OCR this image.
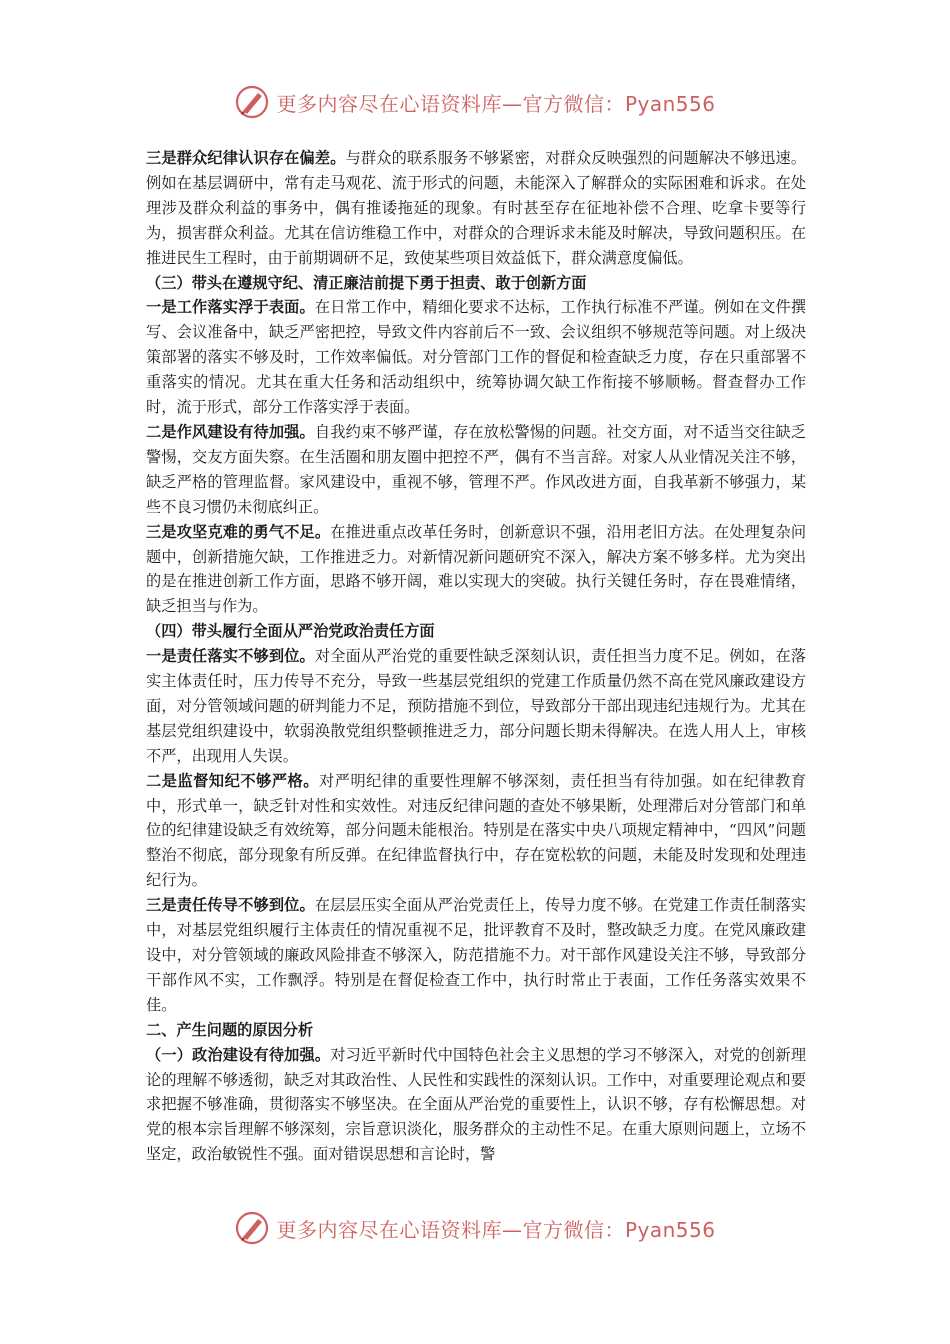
更多内容尽在心语资料库—官方微信：Pyan556

三是群众纪律认识存在偏差。与群众的联系服务不够紧密，对群众反映强烈的问题解决不够迅速。例如在基层调研中，常有走马观花、流于形式的问题，未能深入了解群众的实际困难和诉求。在处理涉及群众利益的事务中，偶有推诿拖延的现象。有时甚至存在征地补偿不合理、吃拿卡要等行为，损害群众利益。尤其在信访维稳工作中，对群众的合理诉求未能及时解决，导致问题积压。在推进民生工程时，由于前期调研不足，致使某些项目效益低下，群众满意度偏低。

（三）带头在遵规守纪、清正廉洁前提下勇于担责、敢于创新方面

一是工作落实浮于表面。在日常工作中，精细化要求不达标，工作执行标准不严谨。例如在文件撰写、会议准备中，缺乏严密把控，导致文件内容前后不一致、会议组织不够规范等问题。对上级决策部署的落实不够及时，工作效率偏低。对分管部门工作的督促和检查缺乏力度，存在只重部署不重落实的情况。尤其在重大任务和活动组织中，统筹协调欠缺工作衔接不够顺畅。督查督办工作时，流于形式，部分工作落实浮于表面。

二是作风建设有待加强。自我约束不够严谨，存在放松警惕的问题。社交方面，对不适当交往缺乏警惕，交友方面失察。在生活圈和朋友圈中把控不严，偶有不当言辞。对家人从业情况关注不够，缺乏严格的管理监督。家风建设中，重视不够，管理不严。作风改进方面，自我革新不够强力，某些不良习惯仍未彻底纠正。

三是攻坚克难的勇气不足。在推进重点改革任务时，创新意识不强，沿用老旧方法。在处理复杂问题中，创新措施欠缺，工作推进乏力。对新情况新问题研究不深入，解决方案不够多样。尤为突出的是在推进创新工作方面，思路不够开阔，难以实现大的突破。执行关键任务时，存在畏难情绪，缺乏担当与作为。

（四）带头履行全面从严治党政治责任方面

一是责任落实不够到位。对全面从严治党的重要性缺乏深刻认识，责任担当力度不足。例如，在落实主体责任时，压力传导不充分，导致一些基层党组织的党建工作质量仍然不高在党风廉政建设方面，对分管领域问题的研判能力不足，预防措施不到位，导致部分干部出现违纪违规行为。尤其在基层党组织建设中，软弱涣散党组织整顿推进乏力，部分问题长期未得解决。在选人用人上，审核不严，出现用人失误。

二是监督知纪不够严格。对严明纪律的重要性理解不够深刻，责任担当有待加强。如在纪律教育中，形式单一，缺乏针对性和实效性。对违反纪律问题的查处不够果断，处理滞后对分管部门和单位的纪律建设缺乏有效统筹，部分问题未能根治。特别是在落实中央八项规定精神中，“四风”问题整治不彻底，部分现象有所反弹。在纪律监督执行中，存在宽松软的问题，未能及时发现和处理违纪行为。

三是责任传导不够到位。在层层压实全面从严治党责任上，传导力度不够。在党建工作责任制落实中，对基层党组织履行主体责任的情况重视不足，批评教育不及时，整改缺乏力度。在党风廉政建设中，对分管领域的廉政风险排查不够深入，防范措施不力。对干部作风建设关注不够，导致部分干部作风不实，工作飘浮。特别是在督促检查工作中，执行时常止于表面，工作任务落实效果不佳。

二、产生问题的原因分析

（一）政治建设有待加强。对习近平新时代中国特色社会主义思想的学习不够深入，对党的创新理论的理解不够透彻，缺乏对其政治性、人民性和实践性的深刻认识。工作中，对重要理论观点和要求把握不够准确，贯彻落实不够坚决。在全面从严治党的重要性上，认识不够，存有松懈思想。对党的根本宗旨理解不够深刻，宗旨意识淡化，服务群众的主动性不足。在重大原则问题上，立场不坚定，政治敏锐性不强。面对错误思想和言论时，警

更多内容尽在心语资料库—官方微信：Pyan556
